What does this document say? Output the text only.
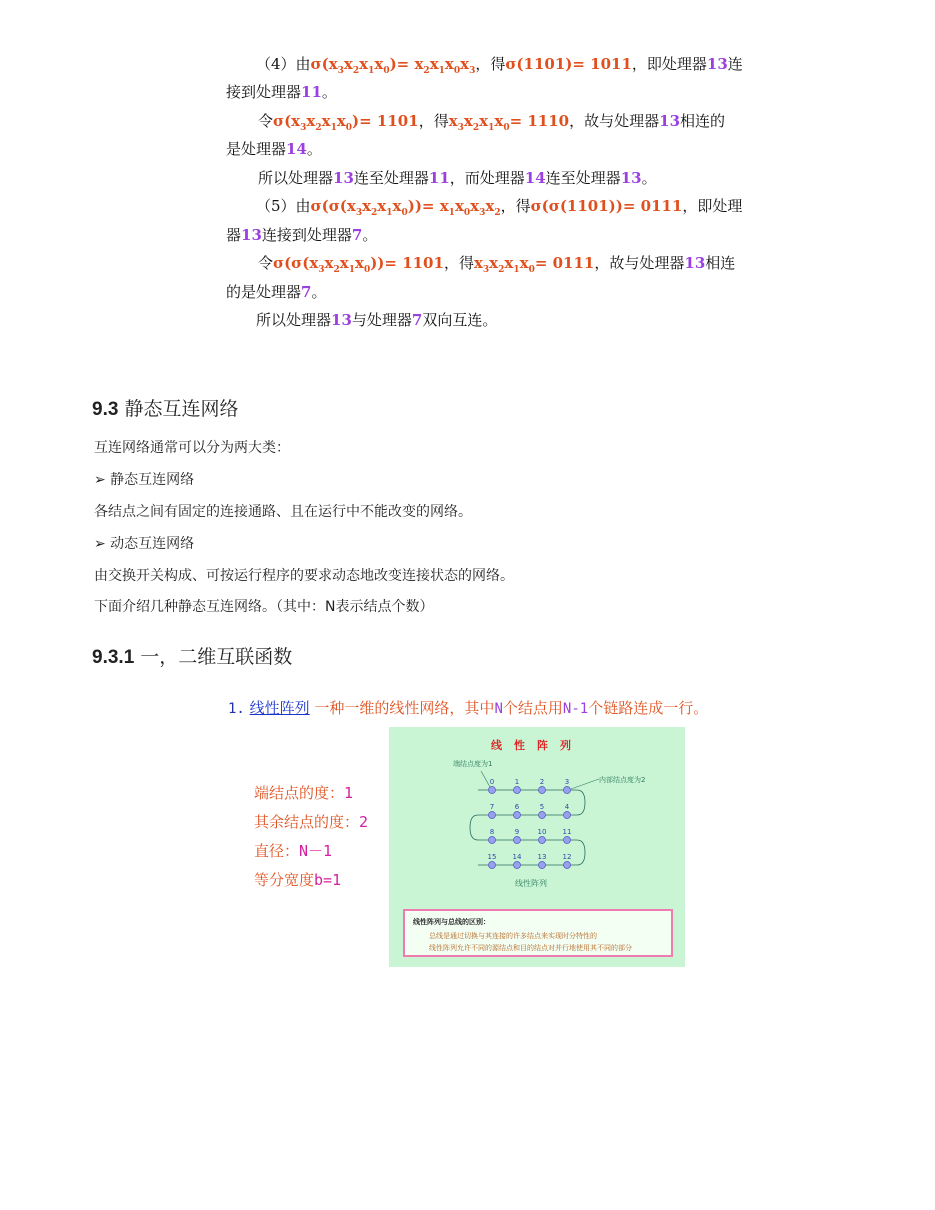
（4）由$\sigma(x_3x_2x_1x_0)= x_2x_1x_0x_3$，得σ(1101)= 1011，即处理器13连
接到处理器11。
令$\sigma(x_3x_2x_1x_0)= 1101$，得$x_3x_2x_1x_0= 1110$，故与处理器13相连的
是处理器14。
所以处理器13连至处理器11，而处理器14连至处理器13。
（5）由$\sigma(\sigma(x_3x_2x_1x_0))= x_1x_0x_3x_2$，得σ(σ(1101))= 0111，即处理
器13连接到处理器7。
令$\sigma(\sigma(x_3x_2x_1x_0))= 1101$，得$x_3x_2x_1x_0= 0111$，故与处理器13相连
的是处理器7。
所以处理器13与处理器7双向互连。
9.3 静态互连网络
互连网络通常可以分为两大类：
➢ 静态互连网络
各结点之间有固定的连接通路、且在运行中不能改变的网络。
➢ 动态互连网络
由交换开关构成、可按运行程序的要求动态地改变连接状态的网络。
下面介绍几种静态互连网络。（其中：N表示结点个数）
9.3.1 一，二维互联函数
1. 线性阵列 一种一维的线性网络，其中N个结点用N-1个链路连成一行。
端结点的度：1
其余结点的度：2
直径：N－1
等分宽度b=1
线性阵列
端结点度为1
内部结点度为2
0	1	2	3
7	6	5	4
8	9	10 11
15 14 13 12
线性阵列
线性阵列与总线的区别：
总线是通过切换与其连接的许多结点来实现时分特性的
线性阵列允许不同的源结点和目的结点对并行地使用其不同的部分
